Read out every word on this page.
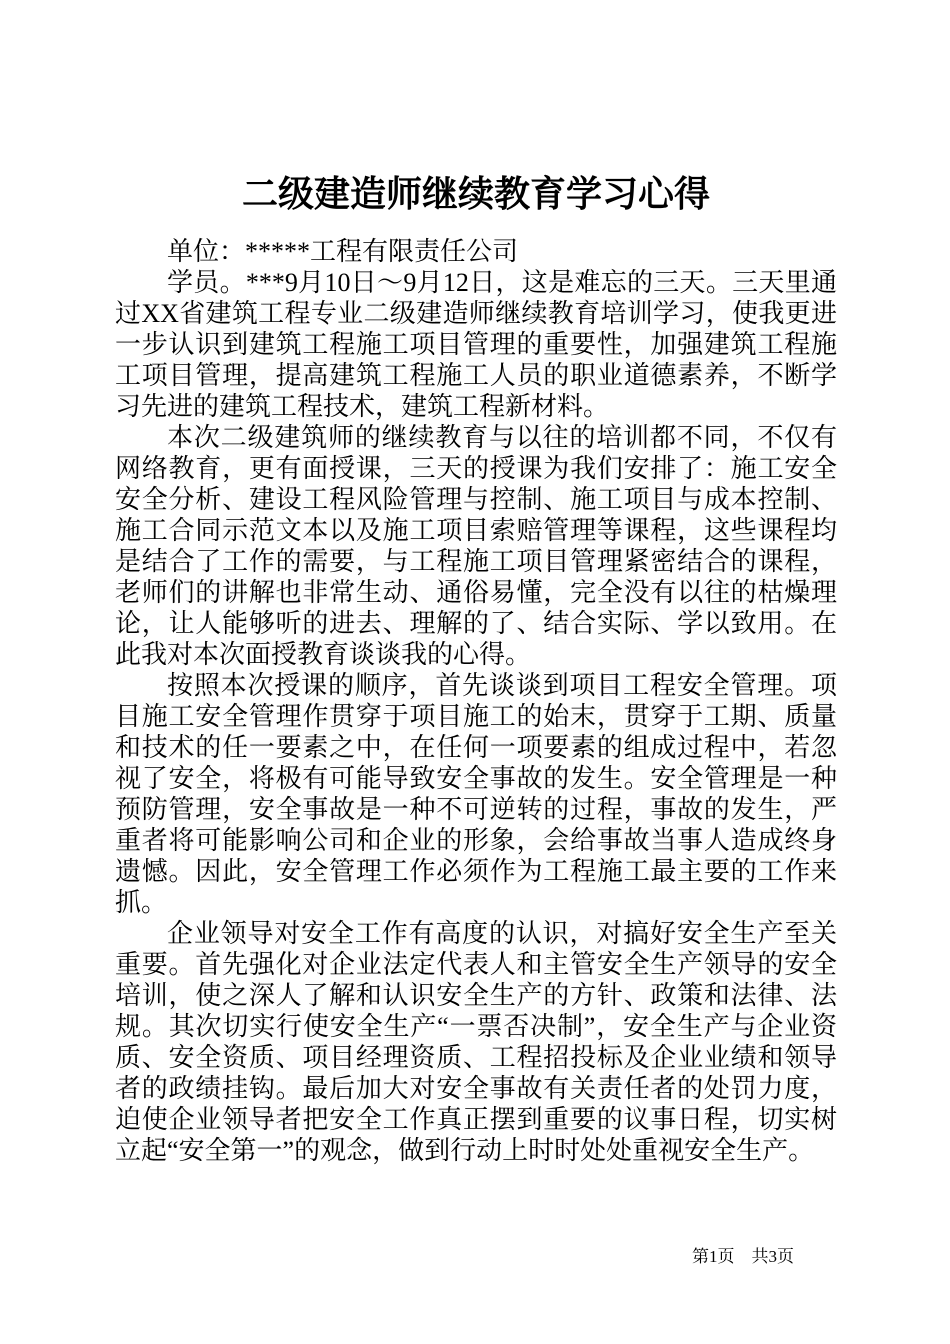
二级建造师继续教育学习心得

单位：*****工程有限责任公司

学员。***9月10日～9月12日，这是难忘的三天。三天里通过XX省建筑工程专业二级建造师继续教育培训学习，使我更进一步认识到建筑工程施工项目管理的重要性，加强建筑工程施工项目管理，提高建筑工程施工人员的职业道德素养，不断学习先进的建筑工程技术，建筑工程新材料。

本次二级建筑师的继续教育与以往的培训都不同，不仅有网络教育，更有面授课，三天的授课为我们安排了：施工安全安全分析、建设工程风险管理与控制、施工项目与成本控制、施工合同示范文本以及施工项目索赔管理等课程，这些课程均是结合了工作的需要，与工程施工项目管理紧密结合的课程，老师们的讲解也非常生动、通俗易懂，完全没有以往的枯燥理论，让人能够听的进去、理解的了、结合实际、学以致用。在此我对本次面授教育谈谈我的心得。

按照本次授课的顺序，首先谈谈到项目工程安全管理。项目施工安全管理作贯穿于项目施工的始末，贯穿于工期、质量和技术的任一要素之中，在任何一项要素的组成过程中，若忽视了安全，将极有可能导致安全事故的发生。安全管理是一种预防管理，安全事故是一种不可逆转的过程，事故的发生，严重者将可能影响公司和企业的形象，会给事故当事人造成终身遗憾。因此，安全管理工作必须作为工程施工最主要的工作来抓。

企业领导对安全工作有高度的认识，对搞好安全生产至关重要。首先强化对企业法定代表人和主管安全生产领导的安全培训，使之深人了解和认识安全生产的方针、政策和法律、法规。其次切实行使安全生产“一票否决制”，安全生产与企业资质、安全资质、项目经理资质、工程招投标及企业业绩和领导者的政绩挂钩。最后加大对安全事故有关责任者的处罚力度，迫使企业领导者把安全工作真正摆到重要的议事日程，切实树立起“安全第一”的观念，做到行动上时时处处重视安全生产。

第1页　共3页
